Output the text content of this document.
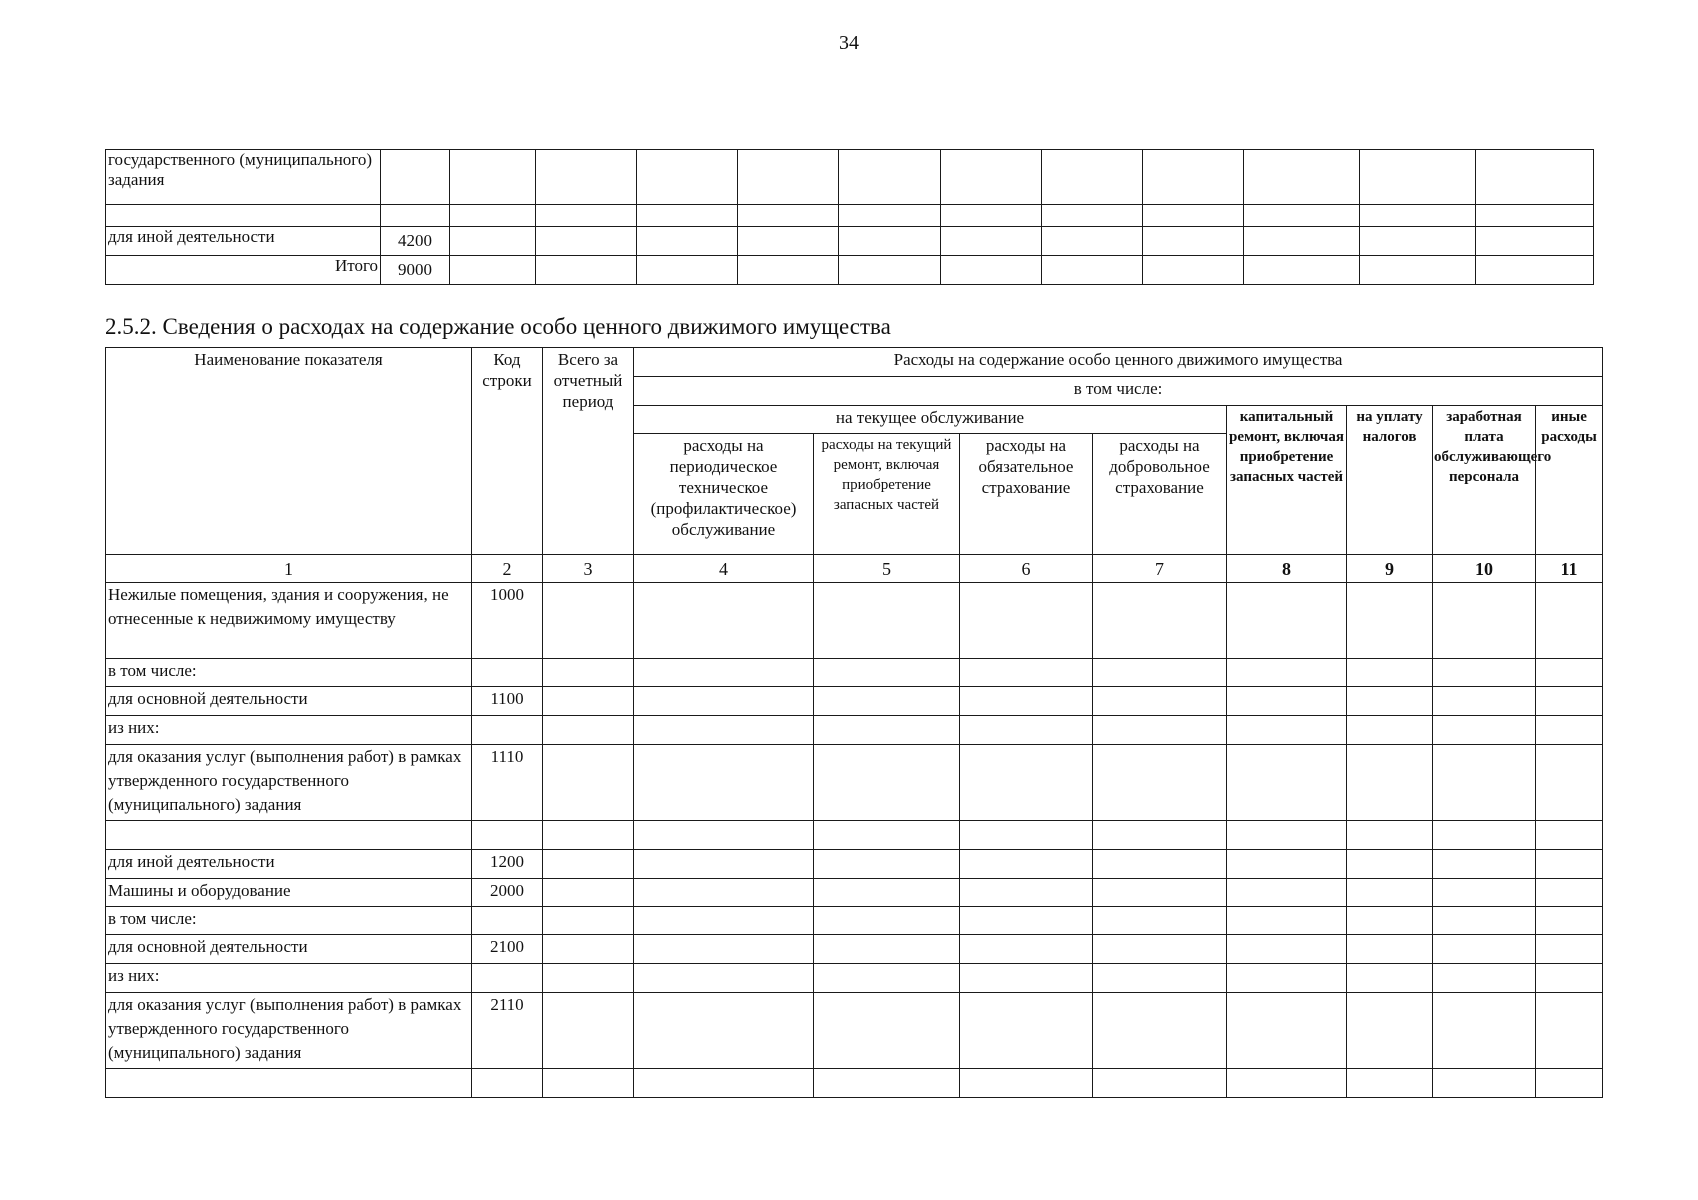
34
государственного (муниципального) задания												

для иной деятельности	4200											
Итого	9000											
2.5.2. Сведения о расходах на содержание особо ценного движимого имущества
Наименование показателя	Код строки	Всего за отчетный период	Расходы на содержание особо ценного движимого имущества							
			в том числе:							
			на текущее обслуживание				капитальный ремонт, включая приобретение запасных частей	на уплату налогов	заработная плата обслуживающего персонала	иные расходы
			расходы на периодическое техническое (профилактическое) обслуживание	расходы на текущий ремонт, включая приобретение запасных частей	расходы на обязательное страхование	расходы на добровольное страхование				

1	2	3	4	5	6	7	8	9	10	11
Нежилые помещения, здания и сооружения, не отнесенные к недвижимому имуществу	1000									
в том числе:										
для основной деятельности	1100									
из них:										
для оказания услуг (выполнения работ) в рамках утвержденного государственного (муниципального) задания	1110									

для иной деятельности	1200									
Машины и оборудование	2000									
в том числе:										
для основной деятельности	2100									
из них:										
для оказания услуг (выполнения работ) в рамках утвержденного государственного (муниципального) задания	2110									
